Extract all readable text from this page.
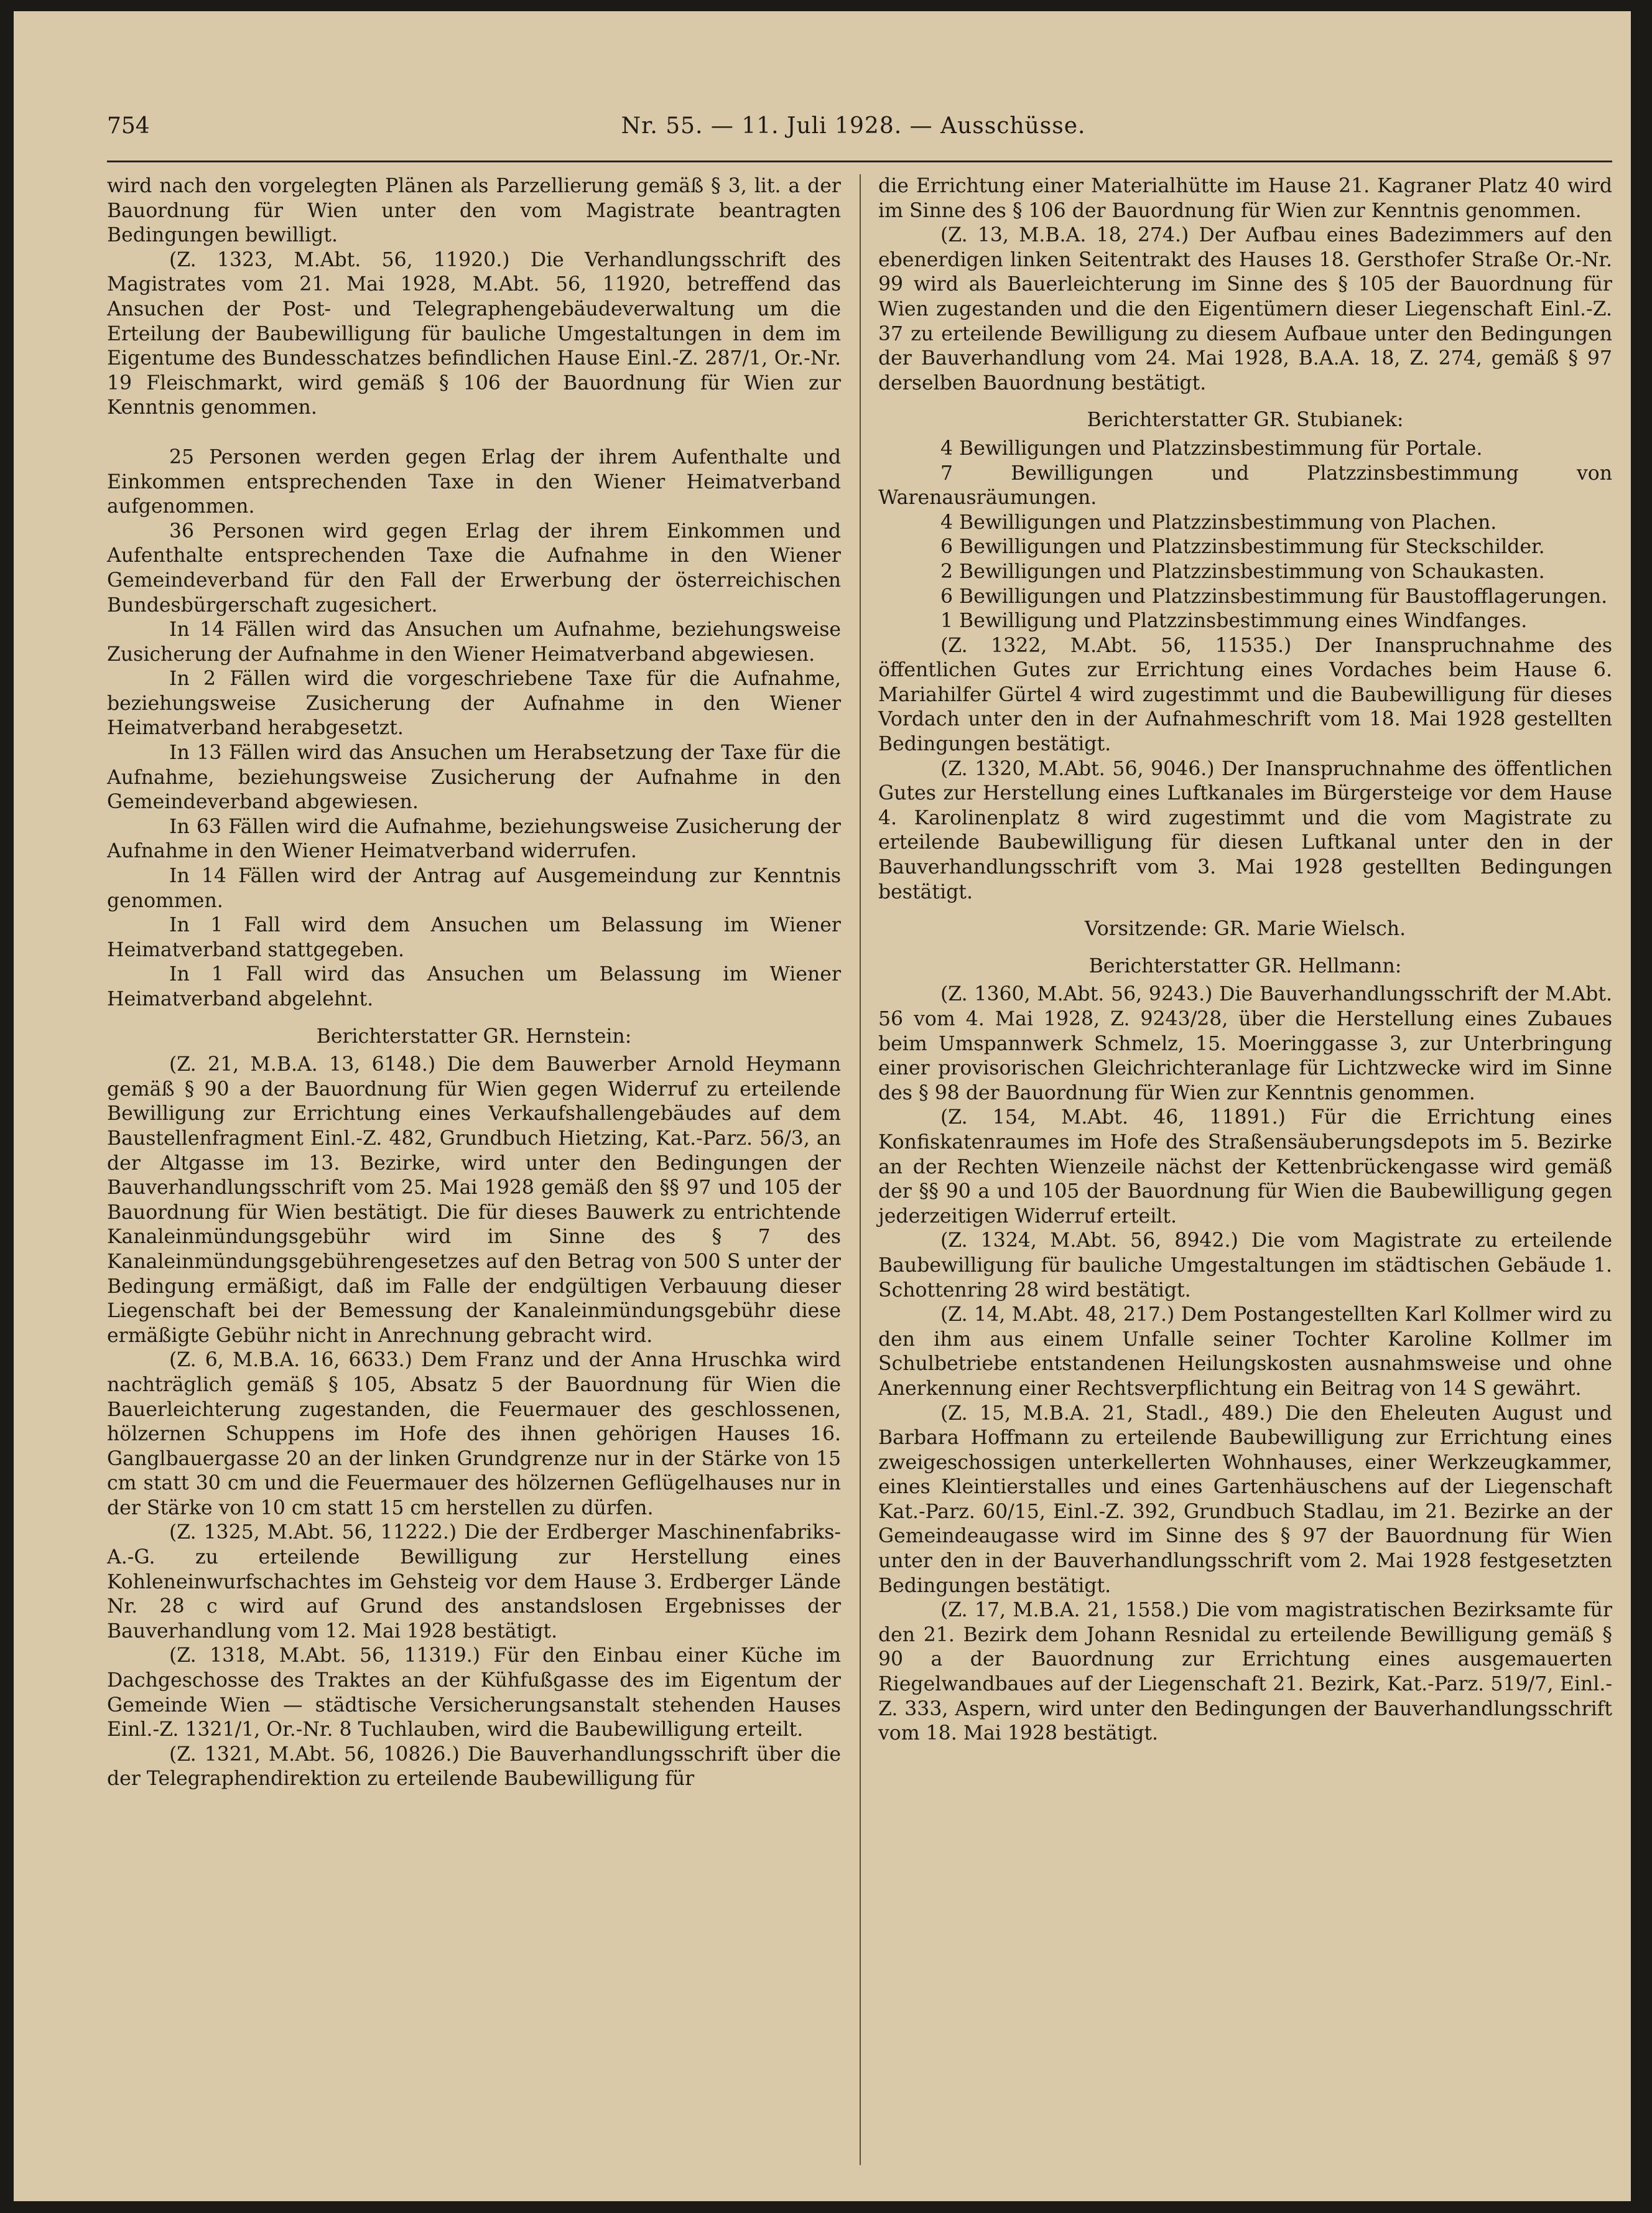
754	Nr. 55. — 11. Juli 1928. — Ausschüsse.

wird nach den vorgelegten Plänen als Parzellierung gemäß § 3, lit. a der Bauordnung für Wien unter den vom Magistrate beantragten Bedingungen bewilligt.

(Z. 1323, M.Abt. 56, 11920.) Die Verhandlungsschrift des Magistrates vom 21. Mai 1928, M.Abt. 56, 11920, betreffend das Ansuchen der Post- und Telegraphengebäudeverwaltung um die Erteilung der Baubewilligung für bauliche Umgestaltungen in dem im Eigentume des Bundesschatzes befindlichen Hause Einl.-Z. 287/1, Or.-Nr. 19 Fleischmarkt, wird gemäß § 106 der Bauordnung für Wien zur Kenntnis genommen.

25 Personen werden gegen Erlag der ihrem Aufenthalte und Einkommen entsprechenden Taxe in den Wiener Heimatverband aufgenommen.

36 Personen wird gegen Erlag der ihrem Einkommen und Aufenthalte entsprechenden Taxe die Aufnahme in den Wiener Gemeindeverband für den Fall der Erwerbung der österreichischen Bundesbürgerschaft zugesichert.

In 14 Fällen wird das Ansuchen um Aufnahme, beziehungsweise Zusicherung der Aufnahme in den Wiener Heimatverband abgewiesen.

In 2 Fällen wird die vorgeschriebene Taxe für die Aufnahme, beziehungsweise Zusicherung der Aufnahme in den Wiener Heimatverband herabgesetzt.

In 13 Fällen wird das Ansuchen um Herabsetzung der Taxe für die Aufnahme, beziehungsweise Zusicherung der Aufnahme in den Gemeindeverband abgewiesen.

In 63 Fällen wird die Aufnahme, beziehungsweise Zusicherung der Aufnahme in den Wiener Heimatverband widerrufen.

In 14 Fällen wird der Antrag auf Ausgemeindung zur Kenntnis genommen.

In 1 Fall wird dem Ansuchen um Belassung im Wiener Heimatverband stattgegeben.

In 1 Fall wird das Ansuchen um Belassung im Wiener Heimatverband abgelehnt.

Berichterstatter GR. Hernstein:

(Z. 21, M.B.A. 13, 6148.) Die dem Bauwerber Arnold Heymann gemäß § 90 a der Bauordnung für Wien gegen Widerruf zu erteilende Bewilligung zur Errichtung eines Verkaufshallengebäudes auf dem Baustellenfragment Einl.-Z. 482, Grundbuch Hietzing, Kat.-Parz. 56/3, an der Altgasse im 13. Bezirke, wird unter den Bedingungen der Bauverhandlungsschrift vom 25. Mai 1928 gemäß den §§ 97 und 105 der Bauordnung für Wien bestätigt. Die für dieses Bauwerk zu entrichtende Kanaleinmündungsgebühr wird im Sinne des § 7 des Kanaleinmündungsgebührengesetzes auf den Betrag von 500 S unter der Bedingung ermäßigt, daß im Falle der endgültigen Verbauung dieser Liegenschaft bei der Bemessung der Kanaleinmündungsgebühr diese ermäßigte Gebühr nicht in Anrechnung gebracht wird.

(Z. 6, M.B.A. 16, 6633.) Dem Franz und der Anna Hruschka wird nachträglich gemäß § 105, Absatz 5 der Bauordnung für Wien die Bauerleichterung zugestanden, die Feuermauer des geschlossenen, hölzernen Schuppens im Hofe des ihnen gehörigen Hauses 16. Ganglbauergasse 20 an der linken Grundgrenze nur in der Stärke von 15 cm statt 30 cm und die Feuermauer des hölzernen Geflügelhauses nur in der Stärke von 10 cm statt 15 cm herstellen zu dürfen.

(Z. 1325, M.Abt. 56, 11222.) Die der Erdberger Maschinenfabriks-A.-G. zu erteilende Bewilligung zur Herstellung eines Kohleneinwurfschachtes im Gehsteig vor dem Hause 3. Erdberger Lände Nr. 28 c wird auf Grund des anstandslosen Ergebnisses der Bauverhandlung vom 12. Mai 1928 bestätigt.

(Z. 1318, M.Abt. 56, 11319.) Für den Einbau einer Küche im Dachgeschosse des Traktes an der Kühfußgasse des im Eigentum der Gemeinde Wien — städtische Versicherungsanstalt stehenden Hauses Einl.-Z. 1321/1, Or.-Nr. 8 Tuchlauben, wird die Baubewilligung erteilt.

(Z. 1321, M.Abt. 56, 10826.) Die Bauverhandlungsschrift über die der Telegraphendirektion zu erteilende Baubewilligung für

die Errichtung einer Materialhütte im Hause 21. Kagraner Platz 40 wird im Sinne des § 106 der Bauordnung für Wien zur Kenntnis genommen.

(Z. 13, M.B.A. 18, 274.) Der Aufbau eines Badezimmers auf den ebenerdigen linken Seitentrakt des Hauses 18. Gersthofer Straße Or.-Nr. 99 wird als Bauerleichterung im Sinne des § 105 der Bauordnung für Wien zugestanden und die den Eigentümern dieser Liegenschaft Einl.-Z. 37 zu erteilende Bewilligung zu diesem Aufbaue unter den Bedingungen der Bauverhandlung vom 24. Mai 1928, B.A.A. 18, Z. 274, gemäß § 97 derselben Bauordnung bestätigt.

Berichterstatter GR. Stubianek:

4 Bewilligungen und Platzzinsbestimmung für Portale.

7 Bewilligungen und Platzzinsbestimmung von Warenausräumungen.

4 Bewilligungen und Platzzinsbestimmung von Plachen.

6 Bewilligungen und Platzzinsbestimmung für Steckschilder.

2 Bewilligungen und Platzzinsbestimmung von Schaukasten.

6 Bewilligungen und Platzzinsbestimmung für Baustofflagerungen.

1 Bewilligung und Platzzinsbestimmung eines Windfanges.

(Z. 1322, M.Abt. 56, 11535.) Der Inanspruchnahme des öffentlichen Gutes zur Errichtung eines Vordaches beim Hause 6. Mariahilfer Gürtel 4 wird zugestimmt und die Baubewilligung für dieses Vordach unter den in der Aufnahmeschrift vom 18. Mai 1928 gestellten Bedingungen bestätigt.

(Z. 1320, M.Abt. 56, 9046.) Der Inanspruchnahme des öffentlichen Gutes zur Herstellung eines Luftkanales im Bürgersteige vor dem Hause 4. Karolinenplatz 8 wird zugestimmt und die vom Magistrate zu erteilende Baubewilligung für diesen Luftkanal unter den in der Bauverhandlungsschrift vom 3. Mai 1928 gestellten Bedingungen bestätigt.

Vorsitzende: GR. Marie Wielsch.

Berichterstatter GR. Hellmann:

(Z. 1360, M.Abt. 56, 9243.) Die Bauverhandlungsschrift der M.Abt. 56 vom 4. Mai 1928, Z. 9243/28, über die Herstellung eines Zubaues beim Umspannwerk Schmelz, 15. Moeringgasse 3, zur Unterbringung einer provisorischen Gleichrichteranlage für Lichtzwecke wird im Sinne des § 98 der Bauordnung für Wien zur Kenntnis genommen.

(Z. 154, M.Abt. 46, 11891.) Für die Errichtung eines Konfiskatenraumes im Hofe des Straßensäuberungsdepots im 5. Bezirke an der Rechten Wienzeile nächst der Kettenbrückengasse wird gemäß der §§ 90 a und 105 der Bauordnung für Wien die Baubewilligung gegen jederzeitigen Widerruf erteilt.

(Z. 1324, M.Abt. 56, 8942.) Die vom Magistrate zu erteilende Baubewilligung für bauliche Umgestaltungen im städtischen Gebäude 1. Schottenring 28 wird bestätigt.

(Z. 14, M.Abt. 48, 217.) Dem Postangestellten Karl Kollmer wird zu den ihm aus einem Unfalle seiner Tochter Karoline Kollmer im Schulbetriebe entstandenen Heilungskosten ausnahmsweise und ohne Anerkennung einer Rechtsverpflichtung ein Beitrag von 14 S gewährt.

(Z. 15, M.B.A. 21, Stadl., 489.) Die den Eheleuten August und Barbara Hoffmann zu erteilende Baubewilligung zur Errichtung eines zweigeschossigen unterkellerten Wohnhauses, einer Werkzeugkammer, eines Kleintierstalles und eines Gartenhäuschens auf der Liegenschaft Kat.-Parz. 60/15, Einl.-Z. 392, Grundbuch Stadlau, im 21. Bezirke an der Gemeindeaugasse wird im Sinne des § 97 der Bauordnung für Wien unter den in der Bauverhandlungsschrift vom 2. Mai 1928 festgesetzten Bedingungen bestätigt.

(Z. 17, M.B.A. 21, 1558.) Die vom magistratischen Bezirksamte für den 21. Bezirk dem Johann Resnidal zu erteilende Bewilligung gemäß § 90 a der Bauordnung zur Errichtung eines ausgemauerten Riegelwandbaues auf der Liegenschaft 21. Bezirk, Kat.-Parz. 519/7, Einl.-Z. 333, Aspern, wird unter den Bedingungen der Bauverhandlungsschrift vom 18. Mai 1928 bestätigt.
